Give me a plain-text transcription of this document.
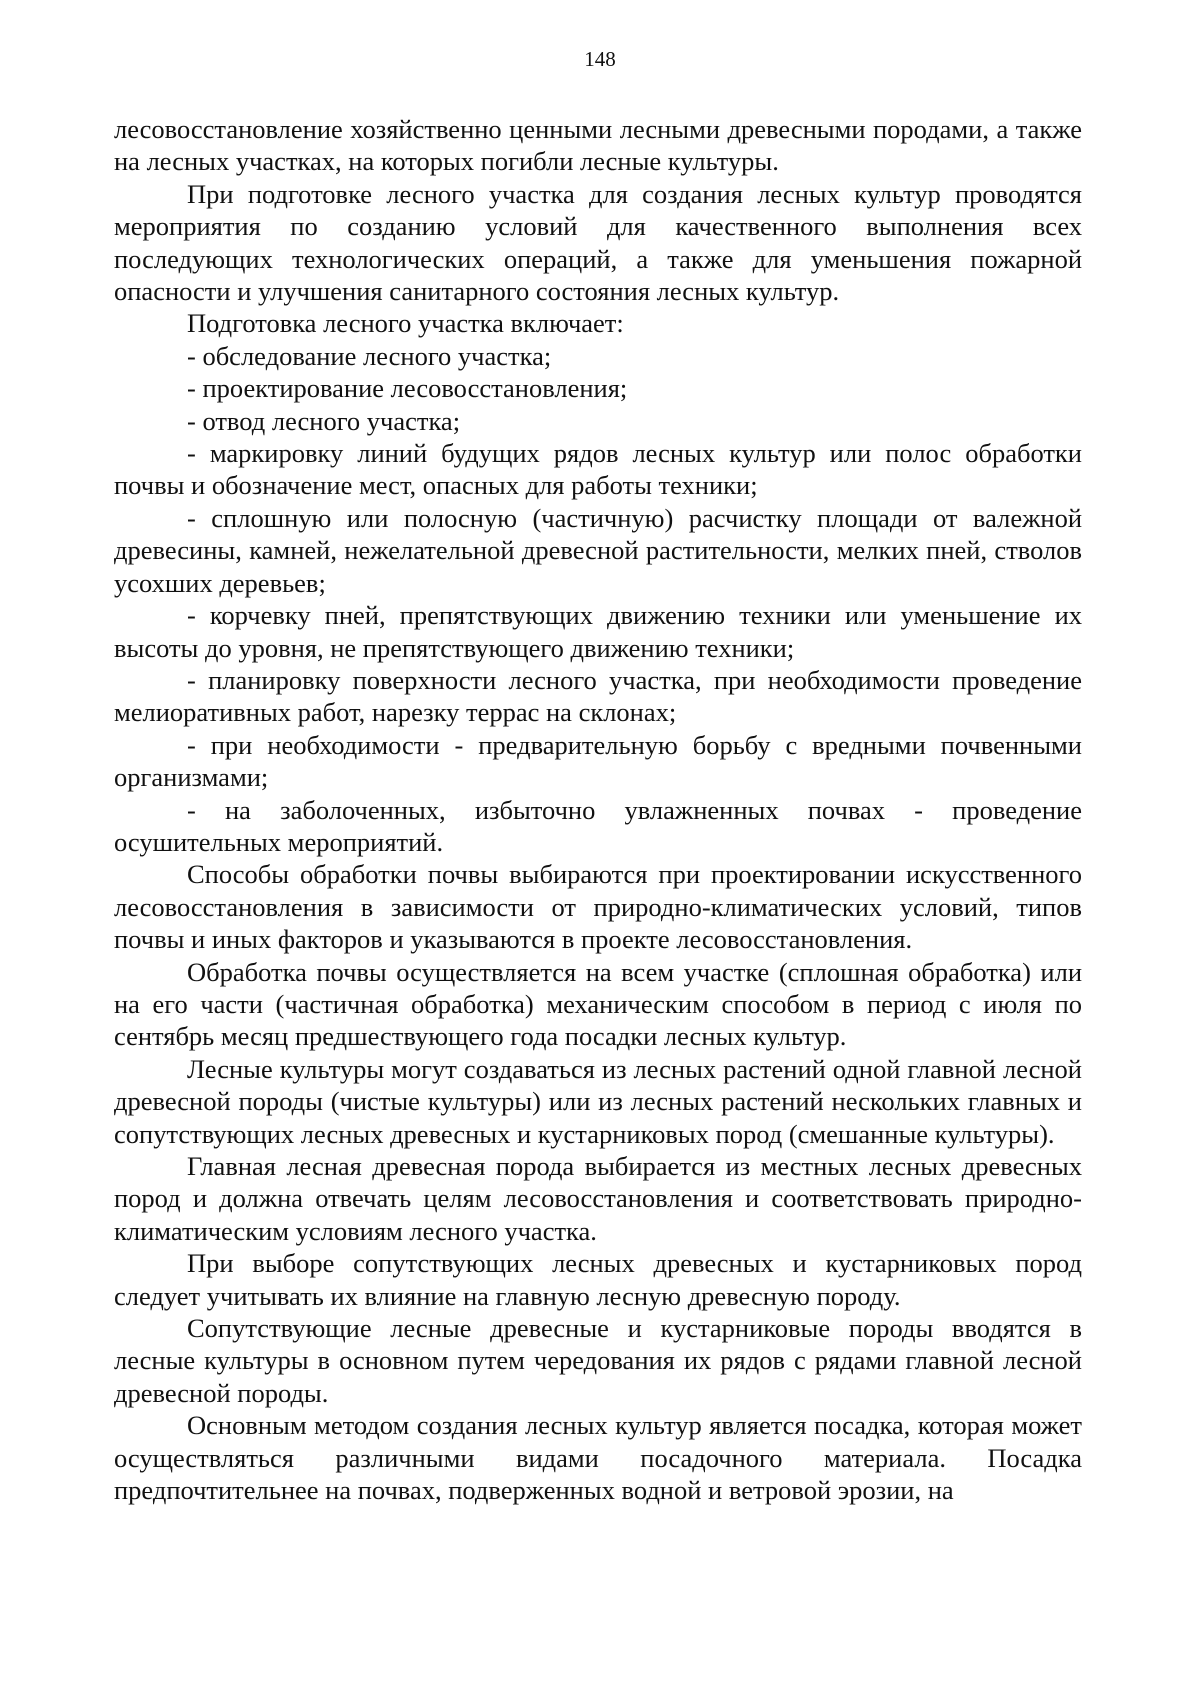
148

лесовосстановление хозяйственно ценными лесными древесными породами, а также на лесных участках, на которых погибли лесные культуры.

При подготовке лесного участка для создания лесных культур проводятся мероприятия по созданию условий для качественного выполнения всех последующих технологических операций, а также для уменьшения пожарной опасности и улучшения санитарного состояния лесных культур.

Подготовка лесного участка включает:

- обследование лесного участка;

- проектирование лесовосстановления;

- отвод лесного участка;

- маркировку линий будущих рядов лесных культур или полос обработки почвы и обозначение мест, опасных для работы техники;

- сплошную или полосную (частичную) расчистку площади от валежной древесины, камней, нежелательной древесной растительности, мелких пней, стволов усохших деревьев;

- корчевку пней, препятствующих движению техники или уменьшение их высоты до уровня, не препятствующего движению техники;

- планировку поверхности лесного участка, при необходимости проведение мелиоративных работ, нарезку террас на склонах;

- при необходимости - предварительную борьбу с вредными почвенными организмами;

- на заболоченных, избыточно увлажненных почвах - проведение осушительных мероприятий.

Способы обработки почвы выбираются при проектировании искусственного лесовосстановления в зависимости от природно-климатических условий, типов почвы и иных факторов и указываются в проекте лесовосстановления.

Обработка почвы осуществляется на всем участке (сплошная обработка) или на его части (частичная обработка) механическим способом в период с июля по сентябрь месяц предшествующего года посадки лесных культур.

Лесные культуры могут создаваться из лесных растений одной главной лесной древесной породы (чистые культуры) или из лесных растений нескольких главных и сопутствующих лесных древесных и кустарниковых пород (смешанные культуры).

Главная лесная древесная порода выбирается из местных лесных древесных пород и должна отвечать целям лесовосстановления и соответствовать природно-климатическим условиям лесного участка.

При выборе сопутствующих лесных древесных и кустарниковых пород следует учитывать их влияние на главную лесную древесную породу.

Сопутствующие лесные древесные и кустарниковые породы вводятся в лесные культуры в основном путем чередования их рядов с рядами главной лесной древесной породы.

Основным методом создания лесных культур является посадка, которая может осуществляться различными видами посадочного материала. Посадка предпочтительнее на почвах, подверженных водной и ветровой эрозии, на
